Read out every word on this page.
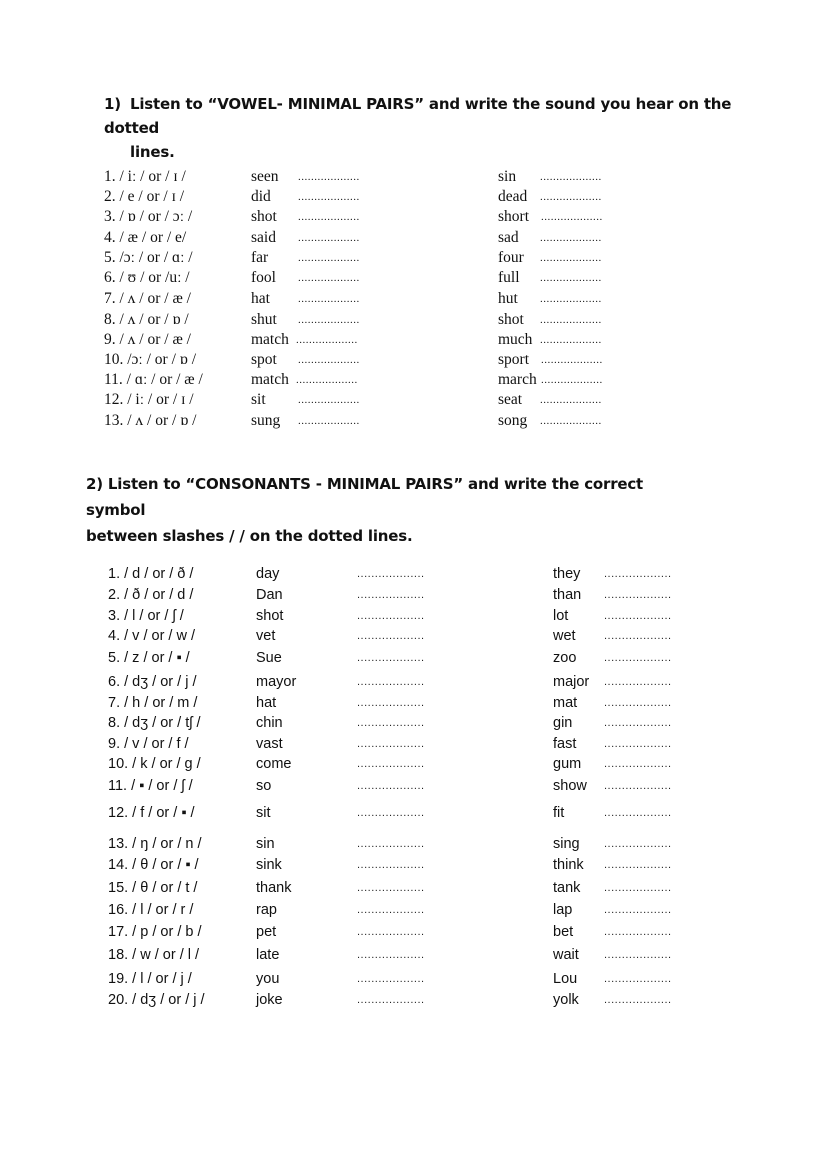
1) Listen to “VOWEL- MINIMAL PAIRS” and write the sound you hear on the dotted
lines.
1. / iː / or / ɪ /	seen ...................	sin ...................
2. / e / or / ɪ /	did ...................	dead ...................
3. / ɒ / or / ɔː /	shot ...................	short ...................
4. / æ / or / e/	said ...................	sad ...................
5. /ɔː / or / ɑː /	far	...................	four ...................
6. / ʊ / or /uː /	fool ...................	full ...................
7. / ʌ / or / æ /	hat	...................	hut ...................
8. / ʌ / or / ɒ /	shut ...................	shot ...................
9. / ʌ / or / æ /	match ...................	much ...................
10. /ɔː / or / ɒ /	spot ...................	sport ...................
11. / ɑː / or / æ /	match ...................	march ...................
12. / iː / or / ɪ /	sit	...................	seat ...................
13. / ʌ / or / ɒ /	sung ...................	song ...................
2) Listen to “CONSONANTS - MINIMAL PAIRS” and write the correct symbol
between slashes / / on the dotted lines.
1. / d / or / ð /	day	...................	they ...................
2. / ð / or / d /	Dan	...................	than ...................
3. / l / or / ʃ /	shot	...................	lot	...................
4. / v / or / w /	vet	...................	wet	...................
5. / z / or / ▪ /	Sue	...................	zoo	...................
6. / dʒ / or / j /	mayor	...................	major ...................
7. / h / or / m /	hat	...................	mat ...................
8. / dʒ / or / tʃ /	chin	...................	gin	...................
9. / v / or / f /	vast	...................	fast	...................
10. / k / or / g /	come	...................	gum ...................
11. / ▪ / or / ʃ /	so	...................	show ...................
12. / f / or / ▪ /	sit	...................	fit	...................
13. / ŋ / or / n /	sin	...................	sing ...................
14. / θ / or / ▪ /	sink	...................	think ...................
15. / θ / or / t /	thank	...................	tank ...................
16. / l / or / r /	rap	...................	lap	...................
17. / p / or / b /	pet	...................	bet	...................
18. / w / or / l /	late	...................	wait ...................
19. / l / or / j /	you	...................	Lou ...................
20. / dʒ / or / j /	joke	...................	yolk ...................
